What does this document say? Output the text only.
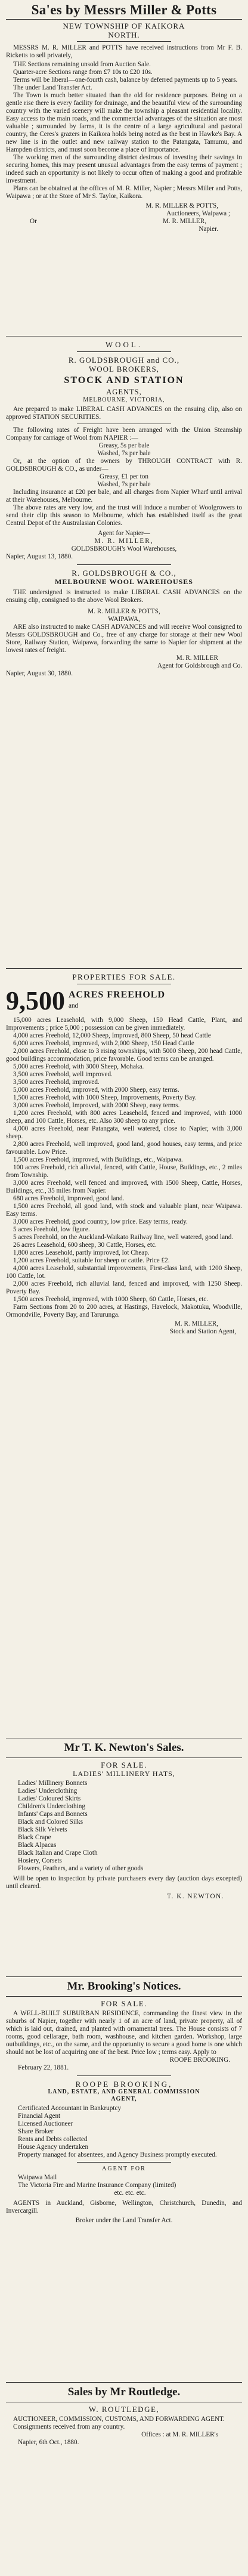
Sa'es by Messrs Miller & Potts
NEW TOWNSHIP OF KAIKORA
NORTH.

MESSRS M. R. MILLER and POTTS have received instructions from Mr F. B. Ricketts to sell privately,

THE Sections remaining unsold from Auction Sale.

Quarter-acre Sections range from £7 10s to £20 10s.

Terms will be liberal—one-fourth cash, balance by deferred payments up to 5 years.

The under Land Transfer Act.

The Town is much better situated than the old for residence purposes. Being on a gentle rise there is every facility for drainage, and the beautiful view of the surrounding country with the varied scenery will make the township a pleasant residential locality. Easy access to the main roads, and the commercial advantages of the situation are most valuable ; surrounded by farms, it is the centre of a large agricultural and pastoral country, the Ceres's grazers in Kaikora holds being noted as the best in Hawke's Bay. A new line is in the outlet and new railway station to the Patangata, Tamumu, and Hampden districts, and must soon become a place of importance.

The working men of the surrounding district desirous of investing their savings in securing homes, this may present unusual advantages from the easy terms of payment ; indeed such an opportunity is not likely to occur often of making a good and profitable investment.

Plans can be obtained at the offices of M. R. Miller, Napier ; Messrs Miller and Potts, Waipawa ; or at the Store of Mr S. Taylor, Kaikora.

M. R. MILLER & POTTS,
Auctioneers, Waipawa ;
Or	M. R. MILLER,
Napier.
WOOL.
R. GOLDSBROUGH and CO.,
WOOL BROKERS,
STOCK AND STATION
AGENTS,
MELBOURNE, VICTORIA,

Are prepared to make LIBERAL CASH ADVANCES on the ensuing clip, also on approved STATION SECURITIES.

The following rates of Freight have been arranged with the Union Steamship Company for carriage of Wool from NAPIER :—

Greasy, 5s per bale
Washed, 7s per bale

Or, at the option of the owners by THROUGH CONTRACT with R. GOLDSBROUGH & CO., as under—

Greasy, £1 per ton
Washed, 7s per bale

Including insurance at £20 per bale, and all charges from Napier Wharf until arrival at their Warehouses, Melbourne.

The above rates are very low, and the trust will induce a number of Woolgrowers to send their clip this season to Melbourne, which has established itself as the great Central Depot of the Australasian Colonies.

Agent for Napier—
M. R. MILLER,
GOLDSBROUGH's Wool Warehouses,
Napier, August 13, 1880.
R. GOLDSBROUGH & CO.,
MELBOURNE WOOL WAREHOUSES

THE undersigned is instructed to make LIBERAL CASH ADVANCES on the ensuing clip, consigned to the above Wool Brokers.

M. R. MILLER & POTTS,
WAIPAWA,

ARE also instructed to make CASH ADVANCES and will receive Wool consigned to Messrs GOLDSBROUGH and Co., free of any charge for storage at their new Wool Store, Railway Station, Waipawa, forwarding the same to Napier for shipment at the lowest rates of freight.

M. R. MILLER
Agent for Goldsbrough and Co.
Napier, August 30, 1880.
PROPERTIES FOR SALE.
9,500 ACRES FREEHOLD
and

15,000 acres Leasehold, with 9,000 Sheep, 150 Head Cattle, Plant, and Improvements ; price 5,000 ; possession can be given immediately.

4,000 acres Freehold, 12,000 Sheep, Improved, 800 Sheep, 50 head Cattle

6,000 acres Freehold, improved, with 2,000 Sheep, 150 Head Cattle

2,000 acres Freehold, close to 3 rising townships, with 5000 Sheep, 200 head Cattle, good buildings accommodation, price favorable. Good terms can be arranged.

5,000 acres Freehold, with 3000 Sheep, Mohaka.

3,500 acres Freehold, well improved.

3,500 acres Freehold, improved.

5,000 acres Freehold, improved, with 2000 Sheep, easy terms.

1,500 acres Freehold, with 1000 Sheep, Improvements, Poverty Bay.

3,000 acres Freehold, Improved, with 2000 Sheep, easy terms.

1,200 acres Freehold, with 800 acres Leasehold, fenced and improved, with 1000 sheep, and 100 Cattle, Horses, etc. Also 300 sheep to any price.

4,000 acres Freehold, near Patangata, well watered, close to Napier, with 3,000 sheep.

2,800 acres Freehold, well improved, good land, good houses, easy terms, and price favourable. Low Price.

1,500 acres Freehold, improved, with Buildings, etc., Waipawa.

100 acres Freehold, rich alluvial, fenced, with Cattle, House, Buildings, etc., 2 miles from Township.

3,000 acres Freehold, well fenced and improved, with 1500 Sheep, Cattle, Horses, Buildings, etc., 35 miles from Napier.

680 acres Freehold, improved, good land.

1,500 acres Freehold, all good land, with stock and valuable plant, near Waipawa. Easy terms.

3,000 acres Freehold, good country, low price. Easy terms, ready.

5 acres Freehold, low figure.

5 acres Freehold, on the Auckland-Waikato Railway line, well watered, good land.

26 acres Leasehold, 600 sheep, 30 Cattle, Horses, etc.

1,800 acres Leasehold, partly improved, lot Cheap.

1,200 acres Freehold, suitable for sheep or cattle. Price £2.

4,000 acres Leasehold, substantial improvements, First-class land, with 1200 Sheep, 100 Cattle, lot.

2,000 acres Freehold, rich alluvial land, fenced and improved, with 1250 Sheep. Poverty Bay.

1,500 acres Freehold, improved, with 1000 Sheep, 60 Cattle, Horses, etc.

Farm Sections from 20 to 200 acres, at Hastings, Havelock, Makotuku, Woodville, Ormondville, Poverty Bay, and Tarurunga.

M. R. MILLER,
Stock and Station Agent,
Mr T. K. Newton's Sales.
FOR SALE.
LADIES' MILLINERY HATS,
Ladies' Millinery Bonnets
Ladies' Underclothing
Ladies' Coloured Skirts
Children's Underclothing
Infants' Caps and Bonnets
Black and Colored Silks
Black Silk Velvets
Black Crape
Black Alpacas
Black Italian and Crape Cloth
Hosiery, Corsets
Flowers, Feathers, and a variety of other goods

Will be open to inspection by private purchasers every day (auction days excepted) until cleared.

T. K. NEWTON.
Mr. Brooking's Notices.
FOR SALE.

A WELL-BUILT SUBURBAN RESIDENCE, commanding the finest view in the suburbs of Napier, together with nearly 1 of an acre of land, private property, all of which is laid out, drained, and planted with ornamental trees. The House consists of 7 rooms, good cellarage, bath room, washhouse, and kitchen garden. Workshop, large outbuildings, etc., on the same, and the opportunity to secure a good home is one which should not be lost of acquiring one of the best. Price low ; terms easy. Apply to

ROOPE BROOKING.
February 22, 1881.
ROOPE BROOKING,
LAND, ESTATE, AND GENERAL COMMISSION
AGENT,
Certificated Accountant in Bankruptcy
Financial Agent
Licensed Auctioneer
Share Broker
Rents and Debts collected
House Agency undertaken
Property managed for absentees, and Agency Business promptly executed.
AGENT FOR
Waipawa Mail
The Victoria Fire and Marine Insurance Company (limited)
etc. etc. etc.

AGENTS in Auckland, Gisborne, Wellington, Christchurch, Dunedin, and Invercargill.

Broker under the Land Transfer Act.
Sales by Mr Routledge.
W. ROUTLEDGE,

AUCTIONEER, COMMISSION, CUSTOMS, AND FORWARDING AGENT.

Consignments received from any country.

Offices : at M. R. MILLER's
Napier, 6th Oct., 1880.
